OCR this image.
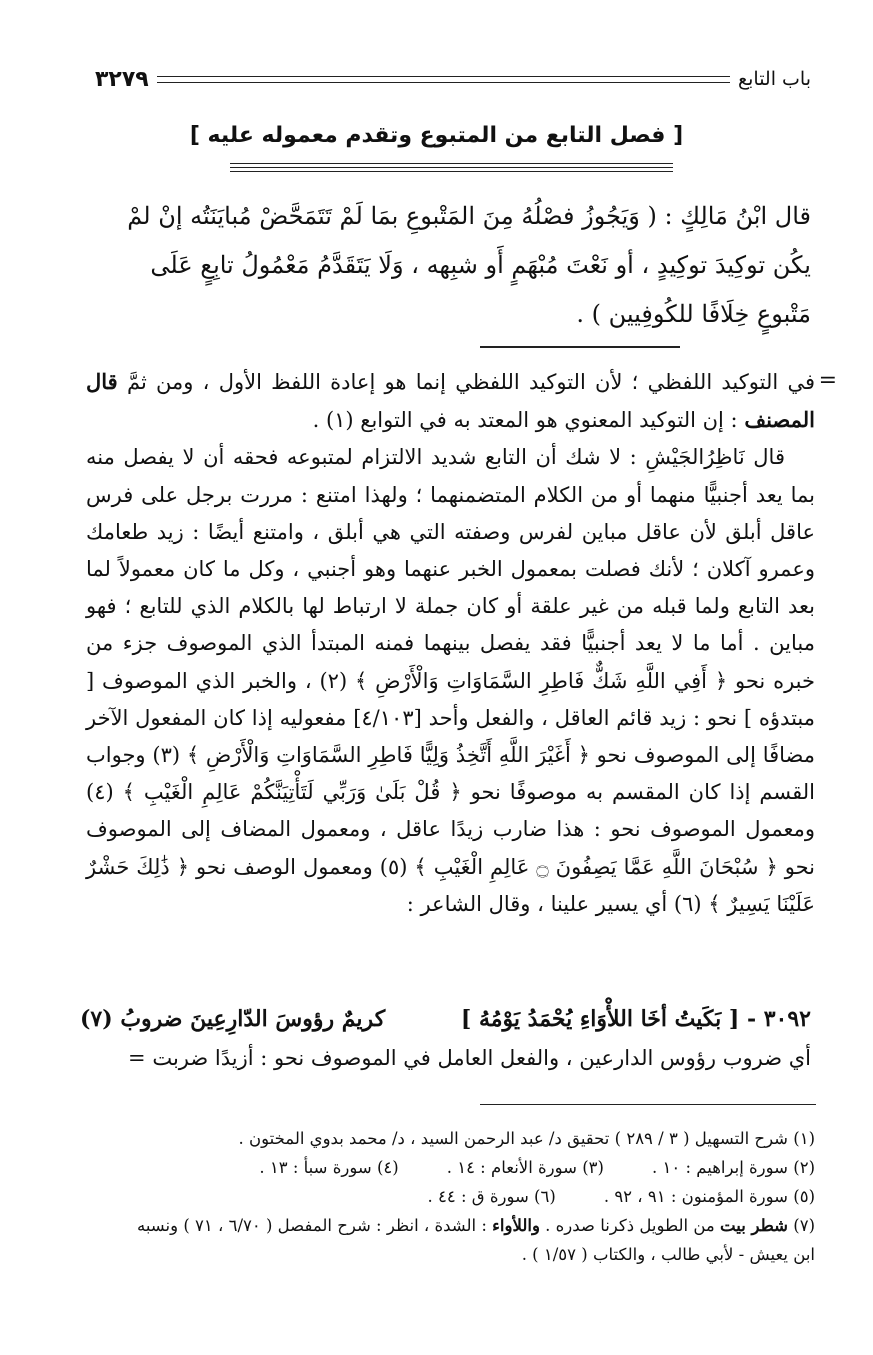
باب التابع
٣٢٧٩
[ فصل التابع من المتبوع وتقدم معموله عليه ]
قال ابْنُ مَالِكٍ : ( وَيَجُوزُ فصْلُهُ مِنَ المَتْبوعِ بمَا لَمْ تَتَمَحَّضْ مُبايَنَتُه إنْ لمْ
يكُن توكِيدَ توكِيدٍ ، أو نَعْتَ مُبْهَمٍ أَو شبِهه ، وَلَا يَتَقَدَّمُ مَعْمُولُ تابِعٍ عَلَى
مَتْبوعٍ خِلَافًا للكُوفِيين ) .
=

في التوكيد اللفظي ؛ لأن التوكيد اللفظي إنما هو إعادة اللفظ الأول ، ومن ثمَّ قال المصنف : إن التوكيد المعنوي هو المعتد به في التوابع (١) .

قال نَاظِرُالجَيْشِ : لا شك أن التابع شديد الالتزام لمتبوعه فحقه أن لا يفصل منه بما يعد أجنبيًّا منهما أو من الكلام المتضمنهما ؛ ولهذا امتنع : مررت برجل على فرس عاقل أبلق لأن عاقل مباين لفرس وصفته التي هي أبلق ، وامتنع أيضًا : زيد طعامك وعمرو آكلان ؛ لأنك فصلت بمعمول الخبر عنهما وهو أجنبي ، وكل ما كان معمولاً لما بعد التابع ولما قبله من غير علقة أو كان جملة لا ارتباط لها بالكلام الذي للتابع ؛ فهو مباين . أما ما لا يعد أجنبيًّا فقد يفصل بينهما فمنه المبتدأ الذي الموصوف جزء من خبره نحو ﴿ أَفِي اللَّهِ شَكٌّ فَاطِرِ السَّمَاوَاتِ وَالْأَرْضِ ﴾ (٢) ، والخبر الذي الموصوف [ مبتدؤه ] نحو : زيد قائم العاقل ، والفعل وأحد [٤/١٠٣] مفعوليه إذا كان المفعول الآخر مضافًا إلى الموصوف نحو ﴿ أَغَيْرَ اللَّهِ أَتَّخِذُ وَلِيًّا فَاطِرِ السَّمَاوَاتِ وَالْأَرْضِ ﴾ (٣) وجواب القسم إذا كان المقسم به موصوفًا نحو ﴿ قُلْ بَلَىٰ وَرَبِّي لَتَأْتِيَنَّكُمْ عَالِمِ الْغَيْبِ ﴾ (٤) ومعمول الموصوف نحو : هذا ضارب زيدًا عاقل ، ومعمول المضاف إلى الموصوف نحو ﴿ سُبْحَانَ اللَّهِ عَمَّا يَصِفُونَ ۝ عَالِمِ الْغَيْبِ ﴾ (٥) ومعمول الوصف نحو ﴿ ذَٰلِكَ حَشْرٌ عَلَيْنَا يَسِيرٌ ﴾ (٦) أي يسير علينا ، وقال الشاعر :

٣٠٩٢ - [ بَكَيتُ أخَا اللأْوَاءِ يُحْمَدُ يَوْمُهُ ]
كريمٌ رؤوسَ الدّارِعِينَ ضروبُ (٧)
أي ضروب رؤوس الدارعين ، والفعل العامل في الموصوف نحو : أزيدًا ضربت =
(١) شرح التسهيل ( ٣ / ٢٨٩ ) تحقيق د/ عبد الرحمن السيد ، د/ محمد بدوي المختون .
(٢) سورة إبراهيم : ١٠ .
(٣) سورة الأنعام : ١٤ .
(٤) سورة سبأ : ١٣ .
(٥) سورة المؤمنون : ٩١ ، ٩٢ .
(٦) سورة ق : ٤٤ .
(٧) شطر بيت من الطويل ذكرنا صدره . واللأواء : الشدة ، انظر : شرح المفصل ( ٦/٧٠ ، ٧١ ) ونسبه
ابن يعيش - لأبي طالب ، والكتاب ( ١/٥٧ ) .
